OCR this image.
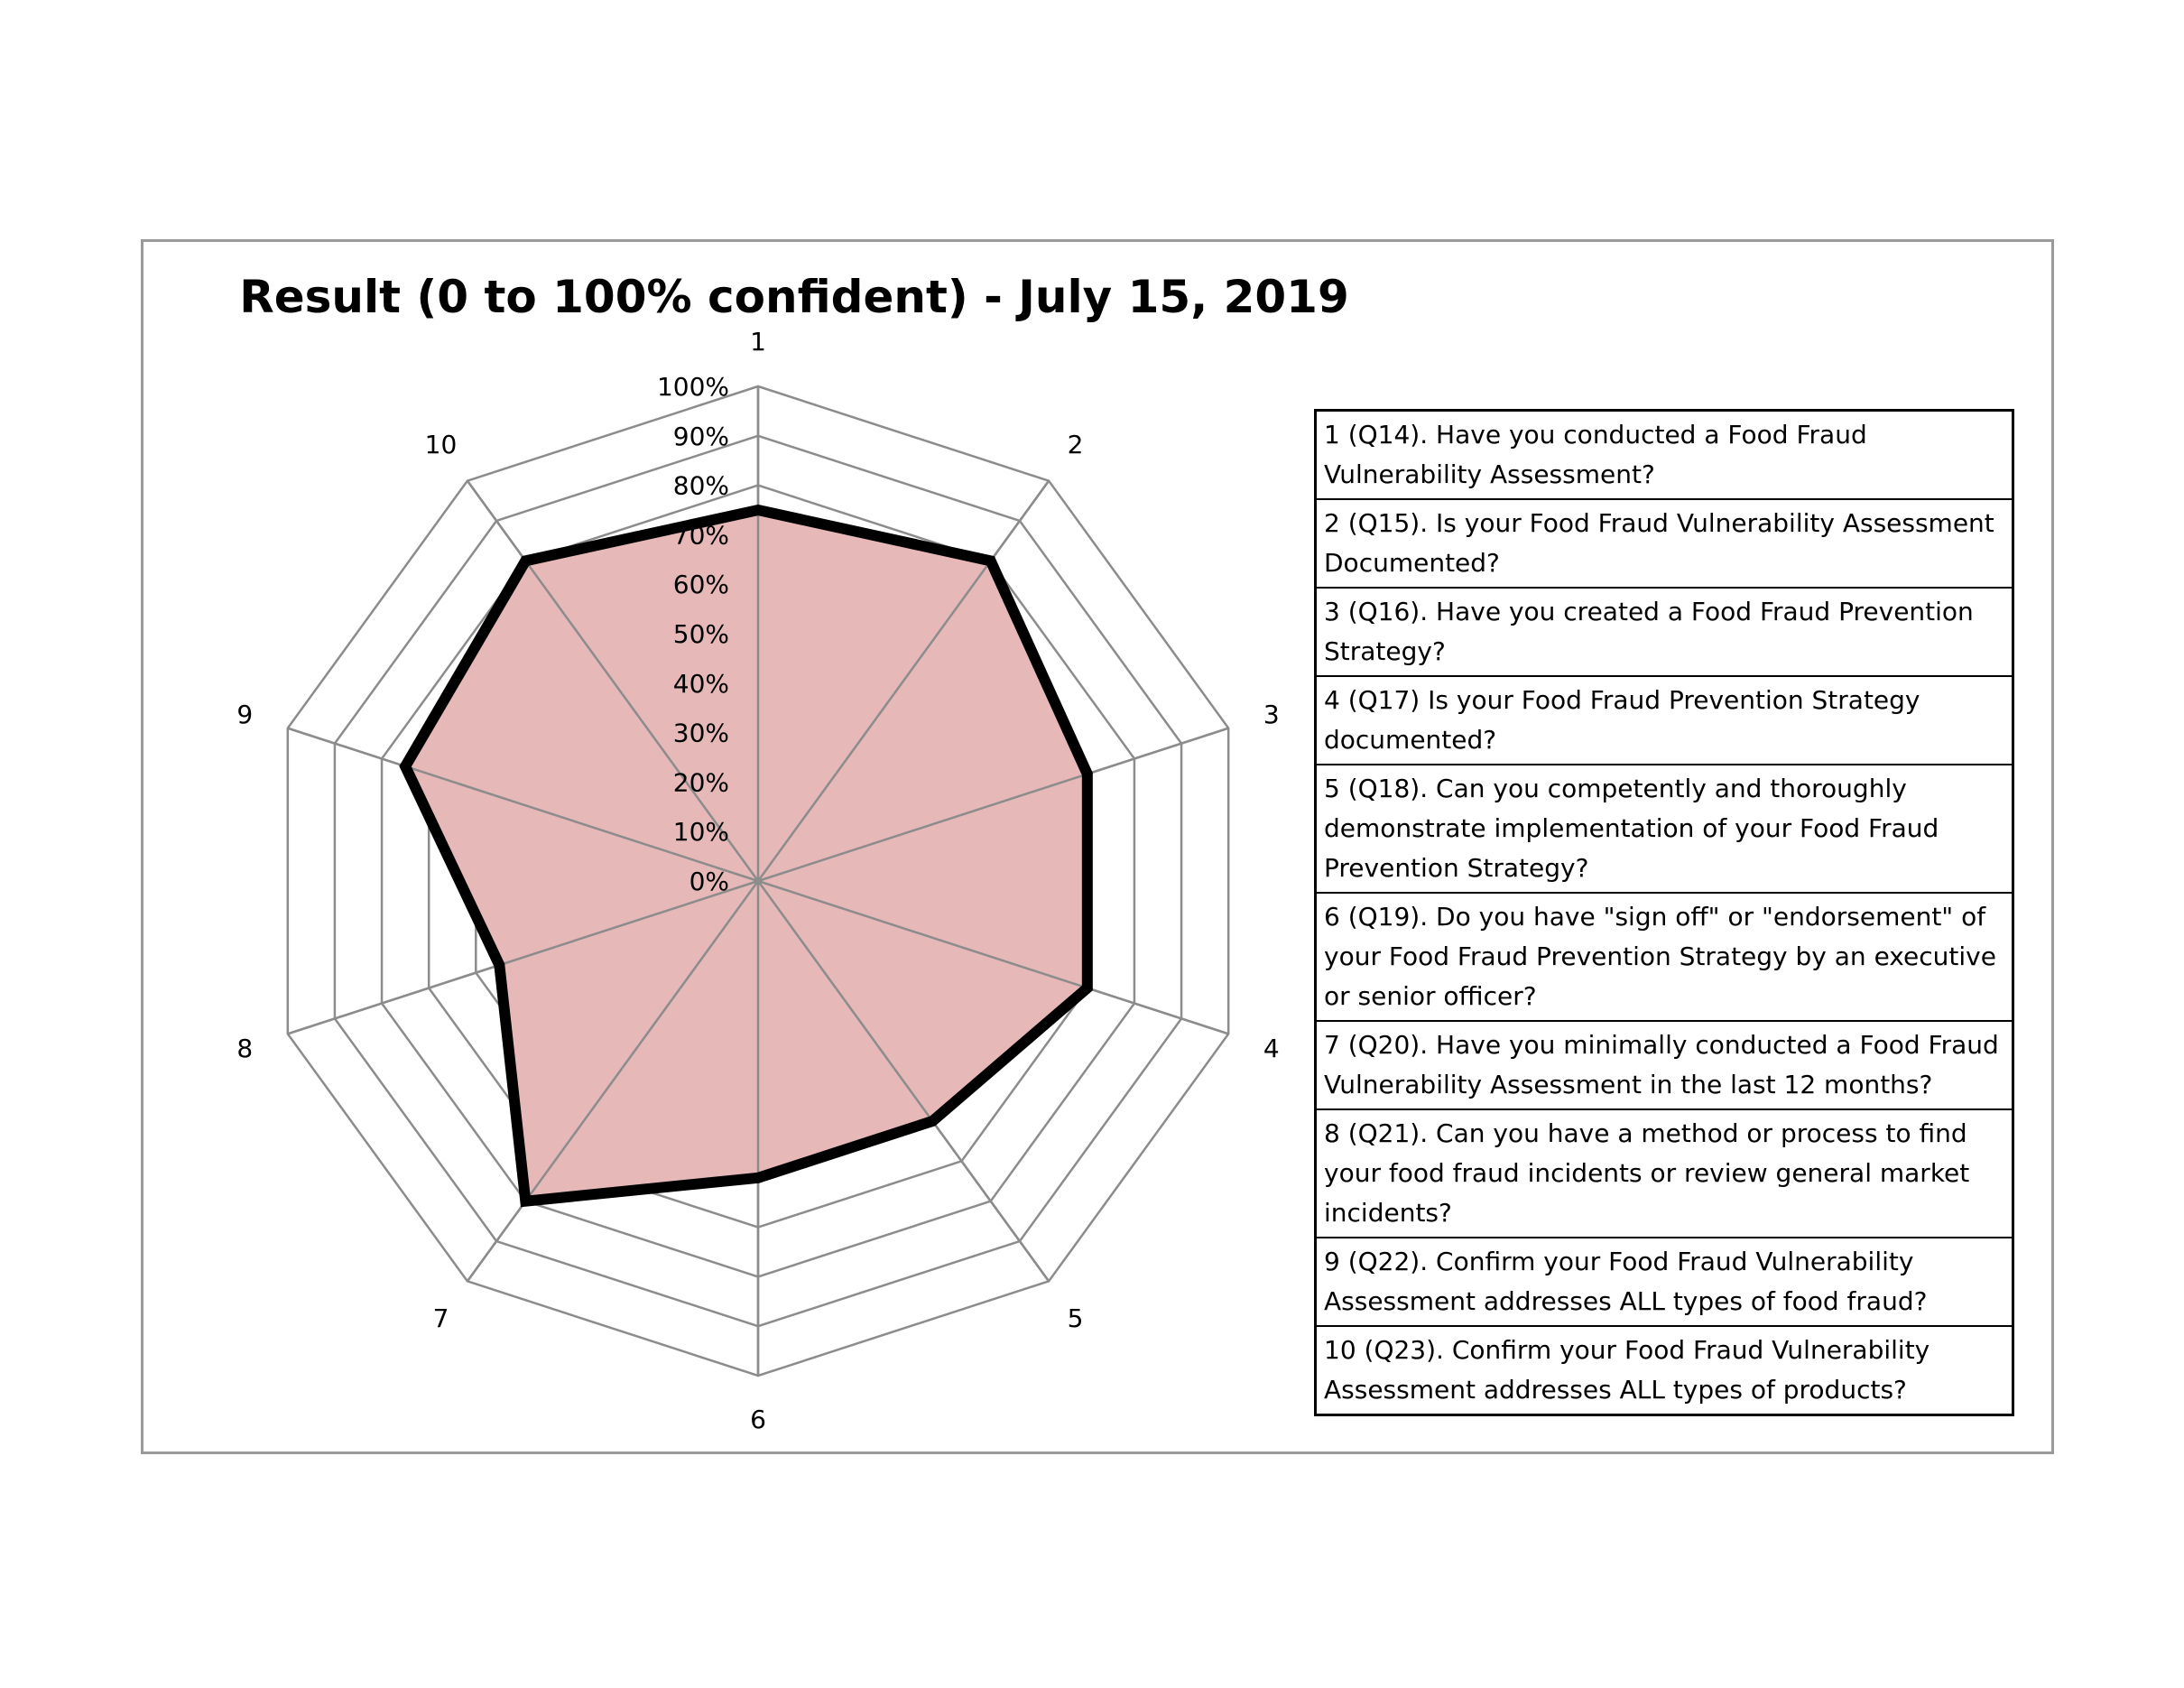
Result (0 to 100% confident) - July 15, 2019
0%
10%
20%
30%
40%
50%
60%
70%
80%
90%
100%
1
2
3
4
5
6
7
8
9
10	1 (Q14). Have you conducted a Food Fraud Vulnerability Assessment?
2 (Q15). Is your Food Fraud Vulnerability Assessment Documented?
3 (Q16). Have you created a Food Fraud Prevention Strategy?
4 (Q17) Is your Food Fraud Prevention Strategy documented?
5 (Q18). Can you competently and thoroughly demonstrate implementation of your Food Fraud Prevention Strategy?
6 (Q19). Do you have "sign off" or "endorsement" of your Food Fraud Prevention Strategy by an executive or senior officer?
7 (Q20). Have you minimally conducted a Food Fraud Vulnerability Assessment in the last 12 months?
8 (Q21). Can you have a method or process to find your food fraud incidents or review general market incidents?
9 (Q22). Confirm your Food Fraud Vulnerability Assessment addresses ALL types of food fraud?
10 (Q23). Confirm your Food Fraud Vulnerability Assessment addresses ALL types of products?
